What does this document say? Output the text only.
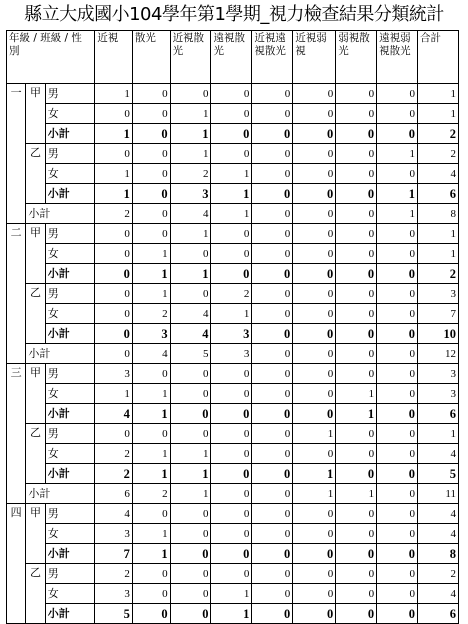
縣立大成國小104學年第1學期_視力檢查結果分類統計
年級 / 班級 / 性別			近視	散光	近視散光	遠視散光	近視遠視散光	近視弱視	弱視散光	遠視弱視散光	合計
一	甲	男	1	0	0	0	0	0	0	0	1
		女	0	0	1	0	0	0	0	0	1
		小計	1	0	1	0	0	0	0	0	2
	乙	男	0	0	1	0	0	0	0	1	2
		女	1	0	2	1	0	0	0	0	4
		小計	1	0	3	1	0	0	0	1	6
	小計		2	0	4	1	0	0	0	1	8
二	甲	男	0	0	1	0	0	0	0	0	1
		女	0	1	0	0	0	0	0	0	1
		小計	0	1	1	0	0	0	0	0	2
	乙	男	0	1	0	2	0	0	0	0	3
		女	0	2	4	1	0	0	0	0	7
		小計	0	3	4	3	0	0	0	0	10
	小計		0	4	5	3	0	0	0	0	12
三	甲	男	3	0	0	0	0	0	0	0	3
		女	1	1	0	0	0	0	1	0	3
		小計	4	1	0	0	0	0	1	0	6
	乙	男	0	0	0	0	0	1	0	0	1
		女	2	1	1	0	0	0	0	0	4
		小計	2	1	1	0	0	1	0	0	5
	小計		6	2	1	0	0	1	1	0	11
四	甲	男	4	0	0	0	0	0	0	0	4
		女	3	1	0	0	0	0	0	0	4
		小計	7	1	0	0	0	0	0	0	8
	乙	男	2	0	0	0	0	0	0	0	2
		女	3	0	0	1	0	0	0	0	4
		小計	5	0	0	1	0	0	0	0	6
